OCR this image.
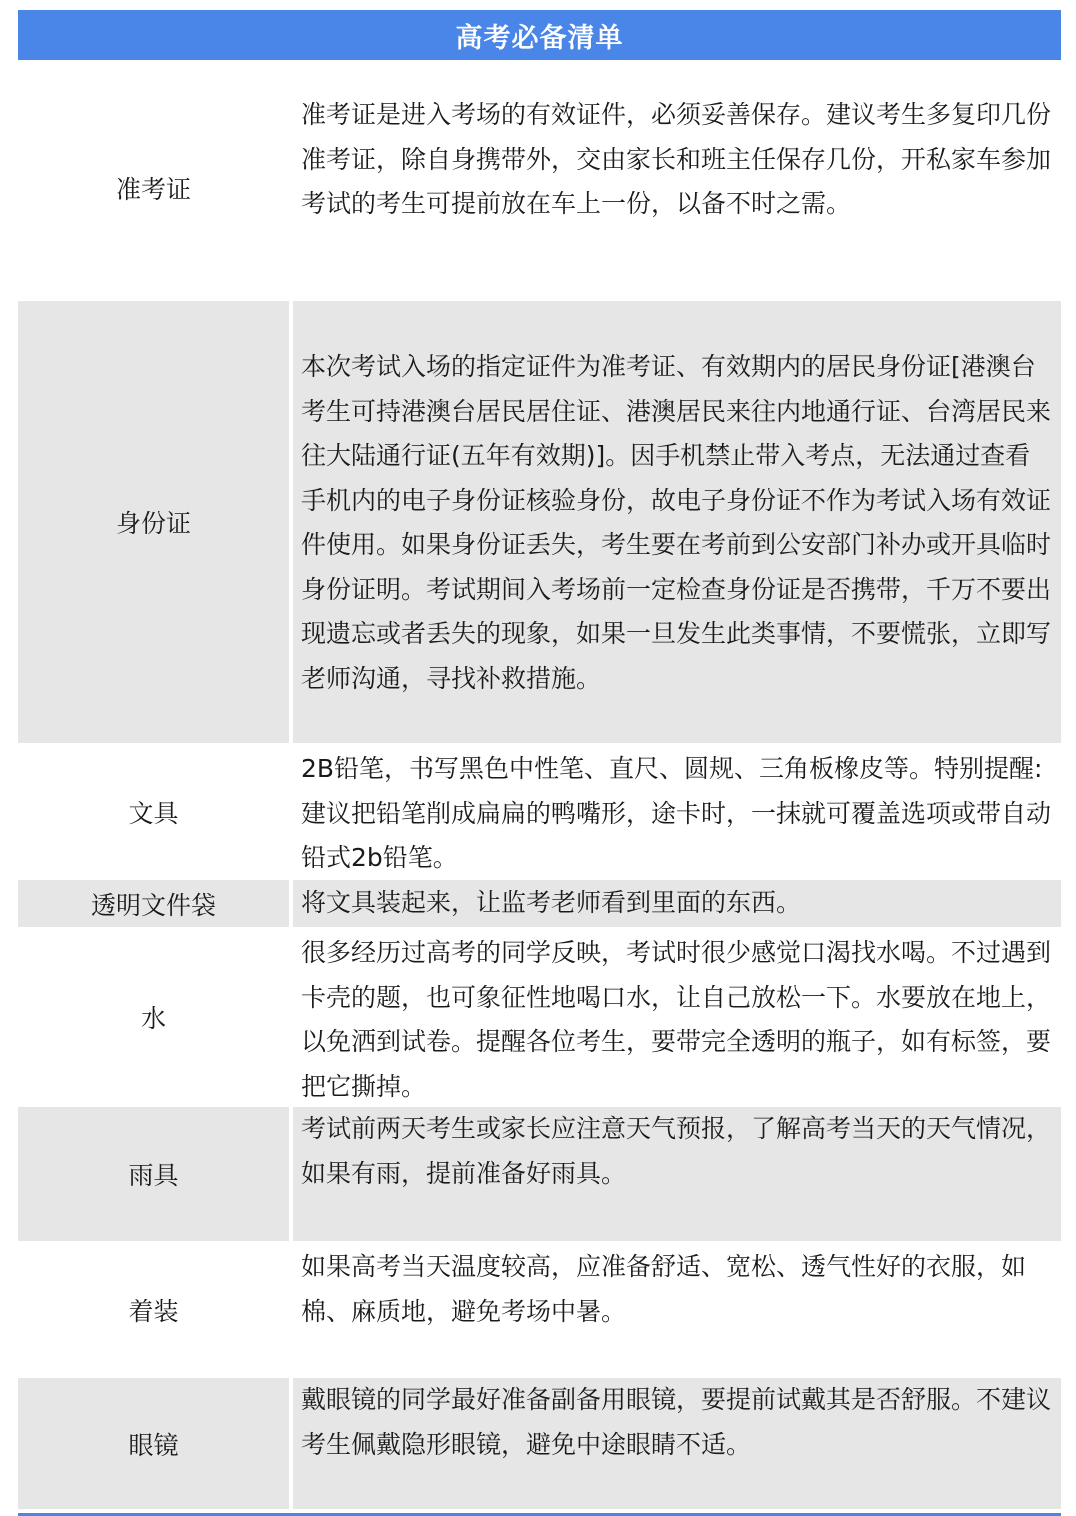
高考必备清单
准考证
准考证是进入考场的有效证件，必须妥善保存。建议考生多复印几份准考证，除自身携带外，交由家长和班主任保存几份，开私家车参加考试的考生可提前放在车上一份，以备不时之需。
身份证
本次考试入场的指定证件为准考证、有效期内的居民身份证[港澳台考生可持港澳台居民居住证、港澳居民来往内地通行证、台湾居民来往大陆通行证(五年有效期)]。因手机禁止带入考点，无法通过查看手机内的电子身份证核验身份，故电子身份证不作为考试入场有效证件使用。如果身份证丢失，考生要在考前到公安部门补办或开具临时身份证明。考试期间入考场前一定检查身份证是否携带，千万不要出现遗忘或者丢失的现象，如果一旦发生此类事情，不要慌张，立即写老师沟通，寻找补救措施。
文具
2B铅笔，书写黑色中性笔、直尺、圆规、三角板橡皮等。特别提醒:建议把铅笔削成扁扁的鸭嘴形，途卡时，一抹就可覆盖选项或带自动铅式2b铅笔。
透明文件袋	将文具装起来，让监考老师看到里面的东西。
水
很多经历过高考的同学反映，考试时很少感觉口渴找水喝。不过遇到卡壳的题，也可象征性地喝口水，让自己放松一下。水要放在地上，以免洒到试卷。提醒各位考生，要带完全透明的瓶子，如有标签，要把它撕掉。
雨具
考试前两天考生或家长应注意天气预报，了解高考当天的天气情况，如果有雨，提前准备好雨具。
着装
如果高考当天温度较高，应准备舒适、宽松、透气性好的衣服，如棉、麻质地，避免考场中暑。
眼镜
戴眼镜的同学最好准备副备用眼镜，要提前试戴其是否舒服。不建议考生佩戴隐形眼镜，避免中途眼睛不适。
